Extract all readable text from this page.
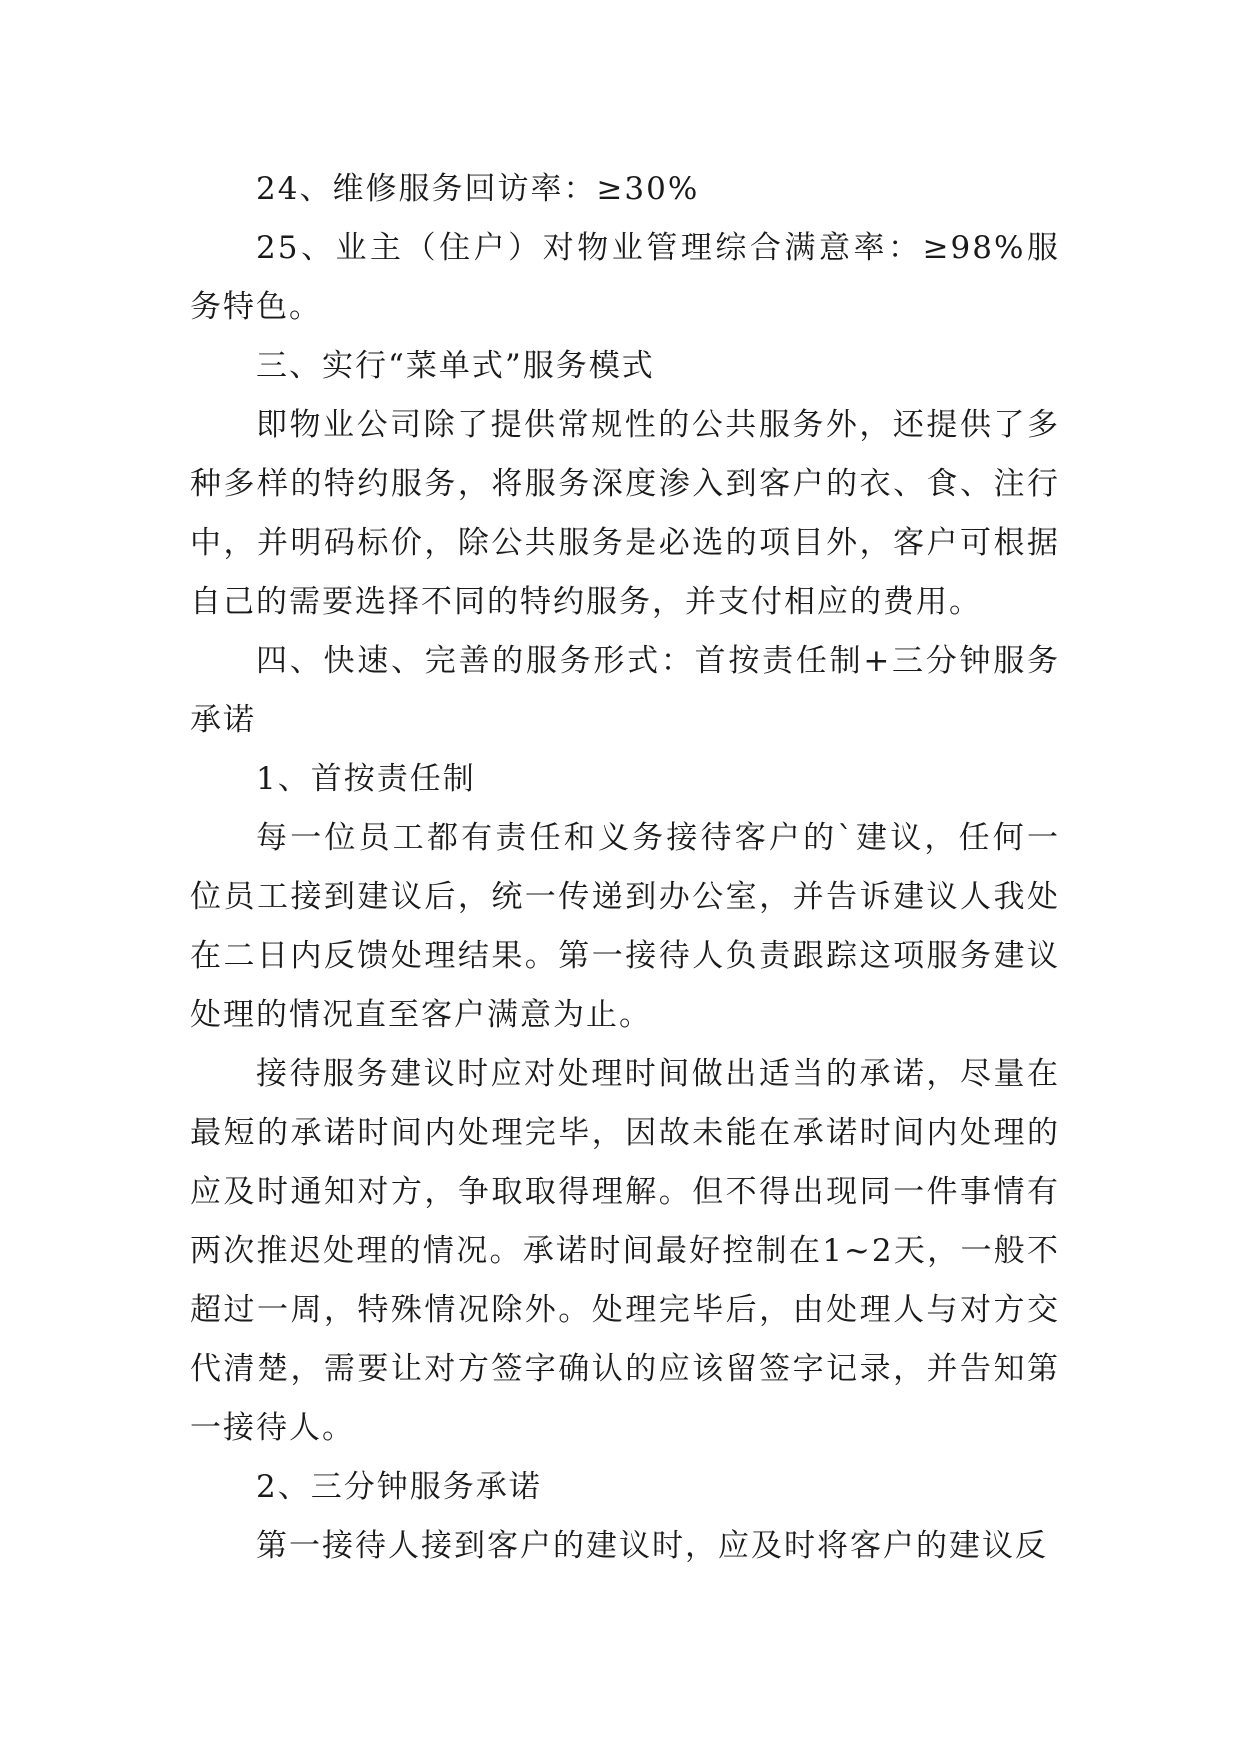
24、维修服务回访率：≥30%

25、业主（住户）对物业管理综合满意率：≥98%服务特色。

三、实行“菜单式”服务模式

即物业公司除了提供常规性的公共服务外，还提供了多种多样的特约服务，将服务深度渗入到客户的衣、食、注行中，并明码标价，除公共服务是必选的项目外，客户可根据自己的需要选择不同的特约服务，并支付相应的费用。

四、快速、完善的服务形式：首按责任制+三分钟服务承诺

1、首按责任制

每一位员工都有责任和义务接待客户的`建议，任何一位员工接到建议后，统一传递到办公室，并告诉建议人我处在二日内反馈处理结果。第一接待人负责跟踪这项服务建议处理的情况直至客户满意为止。

接待服务建议时应对处理时间做出适当的承诺，尽量在最短的承诺时间内处理完毕，因故未能在承诺时间内处理的应及时通知对方，争取取得理解。但不得出现同一件事情有两次推迟处理的情况。承诺时间最好控制在1~2天，一般不超过一周，特殊情况除外。处理完毕后，由处理人与对方交代清楚，需要让对方签字确认的应该留签字记录，并告知第一接待人。

2、三分钟服务承诺

第一接待人接到客户的建议时，应及时将客户的建议反
